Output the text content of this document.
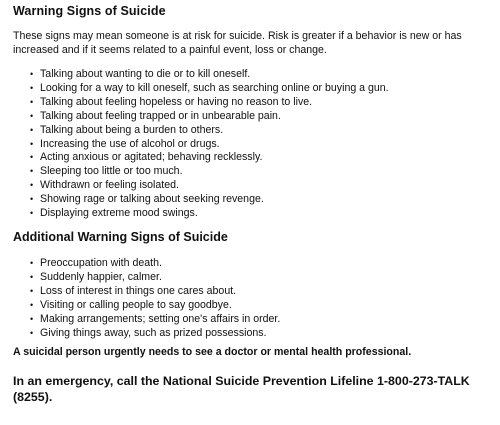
Warning Signs of Suicide
These signs may mean someone is at risk for suicide. Risk is greater if a behavior is new or has increased and if it seems related to a painful event, loss or change.
• Talking about wanting to die or to kill oneself.
• Looking for a way to kill oneself, such as searching online or buying a gun.
• Talking about feeling hopeless or having no reason to live.
• Talking about feeling trapped or in unbearable pain.
• Talking about being a burden to others.
• Increasing the use of alcohol or drugs.
• Acting anxious or agitated; behaving recklessly.
• Sleeping too little or too much.
• Withdrawn or feeling isolated.
• Showing rage or talking about seeking revenge.
• Displaying extreme mood swings.
Additional Warning Signs of Suicide
• Preoccupation with death.
• Suddenly happier, calmer.
• Loss of interest in things one cares about.
• Visiting or calling people to say goodbye.
• Making arrangements; setting one's affairs in order.
• Giving things away, such as prized possessions.
A suicidal person urgently needs to see a doctor or mental health professional.
In an emergency, call the National Suicide Prevention Lifeline 1-800-273-TALK (8255).
